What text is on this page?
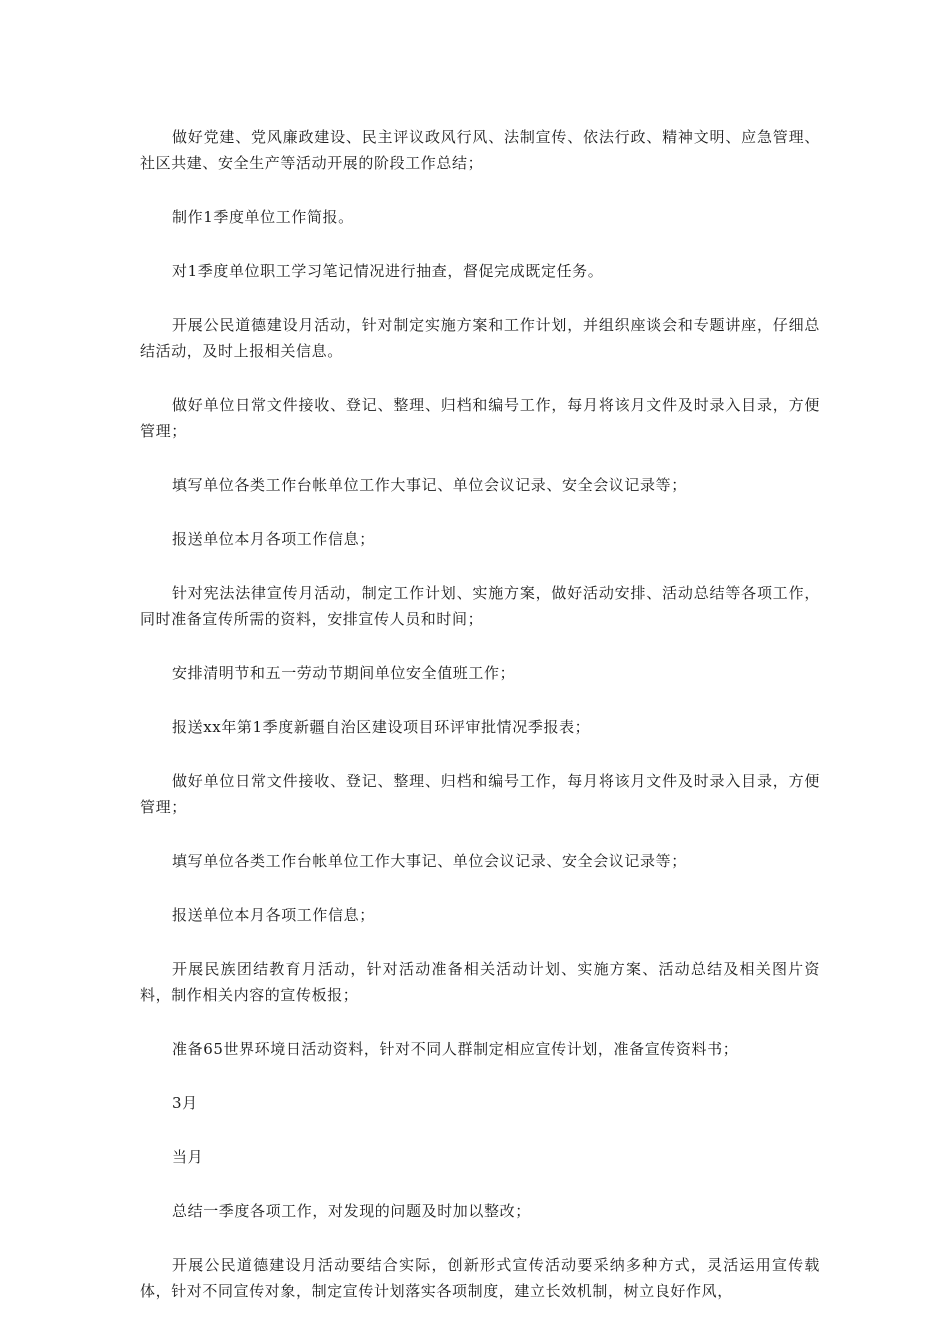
做好党建、党风廉政建设、民主评议政风行风、法制宣传、依法行政、精神文明、应急管理、社区共建、安全生产等活动开展的阶段工作总结；

制作1季度单位工作简报。

对1季度单位职工学习笔记情况进行抽查，督促完成既定任务。

开展公民道德建设月活动，针对制定实施方案和工作计划，并组织座谈会和专题讲座，仔细总结活动，及时上报相关信息。

做好单位日常文件接收、登记、整理、归档和编号工作，每月将该月文件及时录入目录，方便管理；

填写单位各类工作台帐单位工作大事记、单位会议记录、安全会议记录等；

报送单位本月各项工作信息；

针对宪法法律宣传月活动，制定工作计划、实施方案，做好活动安排、活动总结等各项工作，同时准备宣传所需的资料，安排宣传人员和时间；

安排清明节和五一劳动节期间单位安全值班工作；

报送xx年第1季度新疆自治区建设项目环评审批情况季报表；

做好单位日常文件接收、登记、整理、归档和编号工作，每月将该月文件及时录入目录，方便管理；

填写单位各类工作台帐单位工作大事记、单位会议记录、安全会议记录等；

报送单位本月各项工作信息；

开展民族团结教育月活动，针对活动准备相关活动计划、实施方案、活动总结及相关图片资料，制作相关内容的宣传板报；

准备65世界环境日活动资料，针对不同人群制定相应宣传计划，准备宣传资料书；

3月

当月

总结一季度各项工作，对发现的问题及时加以整改；

开展公民道德建设月活动要结合实际，创新形式宣传活动要采纳多种方式，灵活运用宣传载体，针对不同宣传对象，制定宣传计划落实各项制度，建立长效机制，树立良好作风，
